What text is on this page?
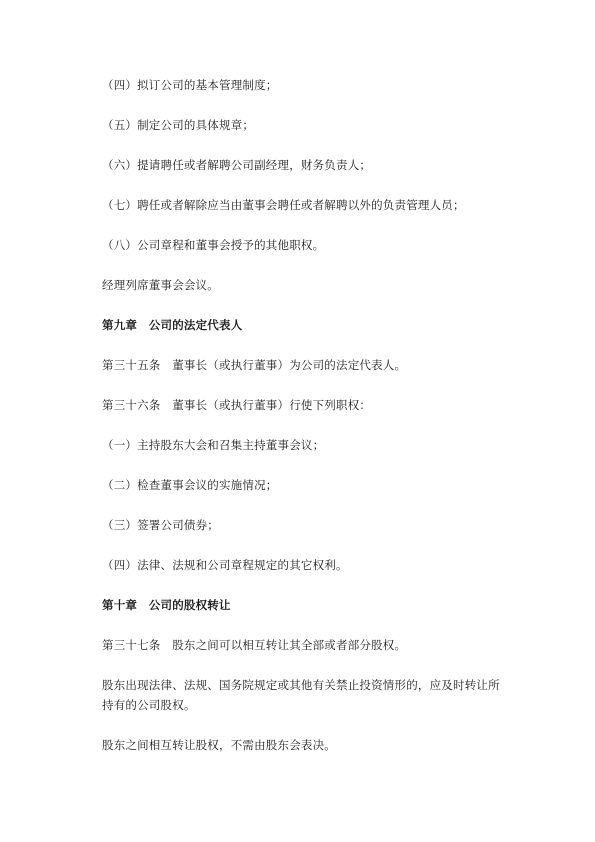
（四）拟订公司的基本管理制度；
（五）制定公司的具体规章；
（六）提请聘任或者解聘公司副经理，财务负责人；
（七）聘任或者解除应当由董事会聘任或者解聘以外的负责管理人员；
（八）公司章程和董事会授予的其他职权。
经理列席董事会会议。
第九章　公司的法定代表人
第三十五条　董事长（或执行董事）为公司的法定代表人。
第三十六条　董事长（或执行董事）行使下列职权：
（一）主持股东大会和召集主持董事会议；
（二）检查董事会议的实施情况；
（三）签署公司债券；
（四）法律、法规和公司章程规定的其它权利。
第十章　公司的股权转让
第三十七条　股东之间可以相互转让其全部或者部分股权。
股东出现法律、法规、国务院规定或其他有关禁止投资情形的，应及时转让所持有的公司股权。
股东之间相互转让股权，不需由股东会表决。
